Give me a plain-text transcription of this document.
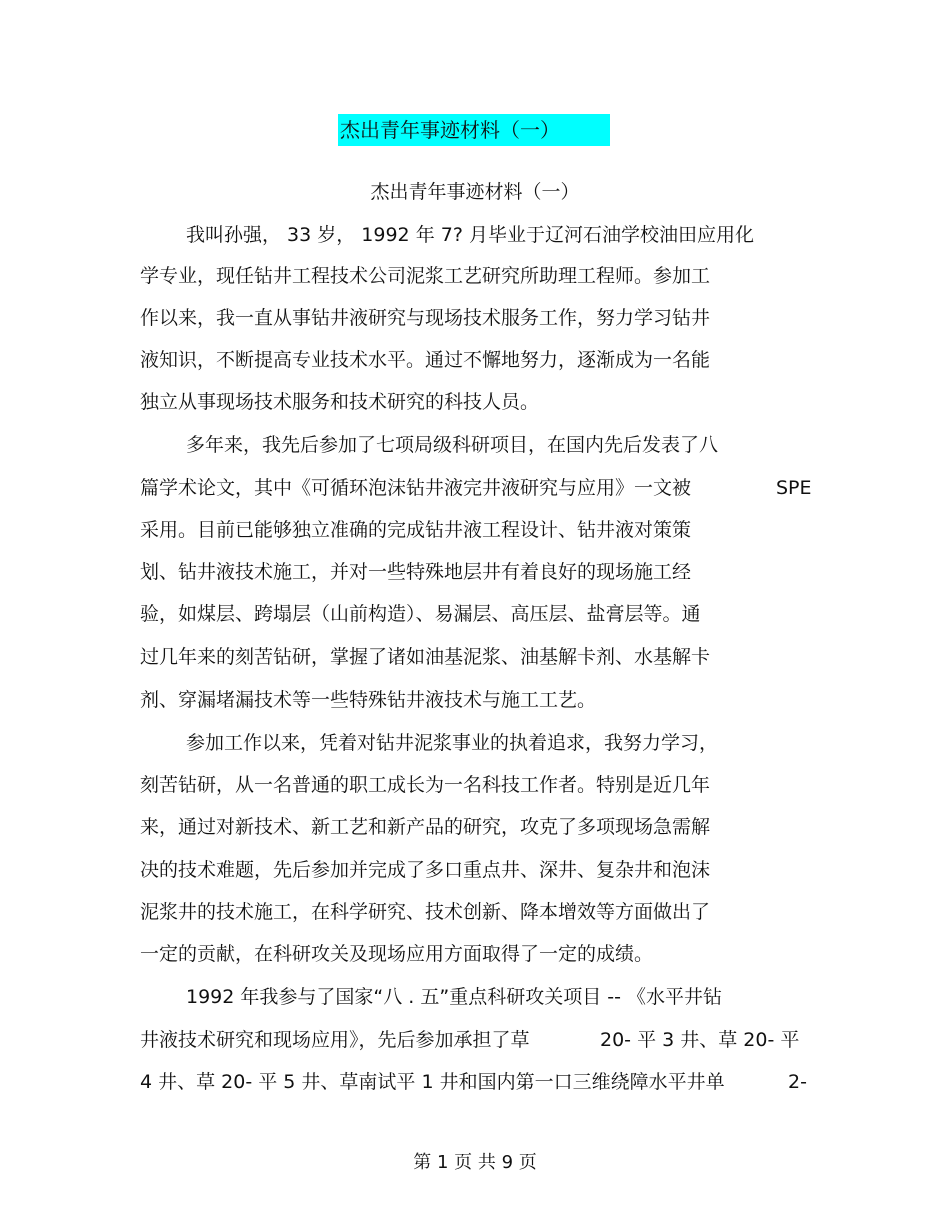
杰出青年事迹材料（一）
杰出青年事迹材料（一）
我叫孙强， 33 岁， 1992 年 7? 月毕业于辽河石油学校油田应用化
学专业，现任钻井工程技术公司泥浆工艺研究所助理工程师。参加工
作以来，我一直从事钻井液研究与现场技术服务工作，努力学习钻井
液知识，不断提高专业技术水平。通过不懈地努力，逐渐成为一名能
独立从事现场技术服务和技术研究的科技人员。
多年来，我先后参加了七项局级科研项目，在国内先后发表了八
篇学术论文，其中《可循环泡沫钻井液完井液研究与应用》一文被	SPE
采用。目前已能够独立准确的完成钻井液工程设计、钻井液对策策
划、钻井液技术施工，并对一些特殊地层井有着良好的现场施工经
验，如煤层、跨塌层（山前构造）、易漏层、高压层、盐膏层等。通
过几年来的刻苦钻研，掌握了诸如油基泥浆、油基解卡剂、水基解卡
剂、穿漏堵漏技术等一些特殊钻井液技术与施工工艺。
参加工作以来，凭着对钻井泥浆事业的执着追求，我努力学习，
刻苦钻研，从一名普通的职工成长为一名科技工作者。特别是近几年
来，通过对新技术、新工艺和新产品的研究，攻克了多项现场急需解
决的技术难题，先后参加并完成了多口重点井、深井、复杂井和泡沫
泥浆井的技术施工，在科学研究、技术创新、降本增效等方面做出了
一定的贡献，在科研攻关及现场应用方面取得了一定的成绩。
1992 年我参与了国家“八 . 五”重点科研攻关项目 -- 《水平井钻
井液技术研究和现场应用》，先后参加承担了草	20- 平 3 井、草 20- 平
4 井、草 20- 平 5 井、草南试平 1 井和国内第一口三维绕障水平井单	2-
第 1 页 共 9 页
